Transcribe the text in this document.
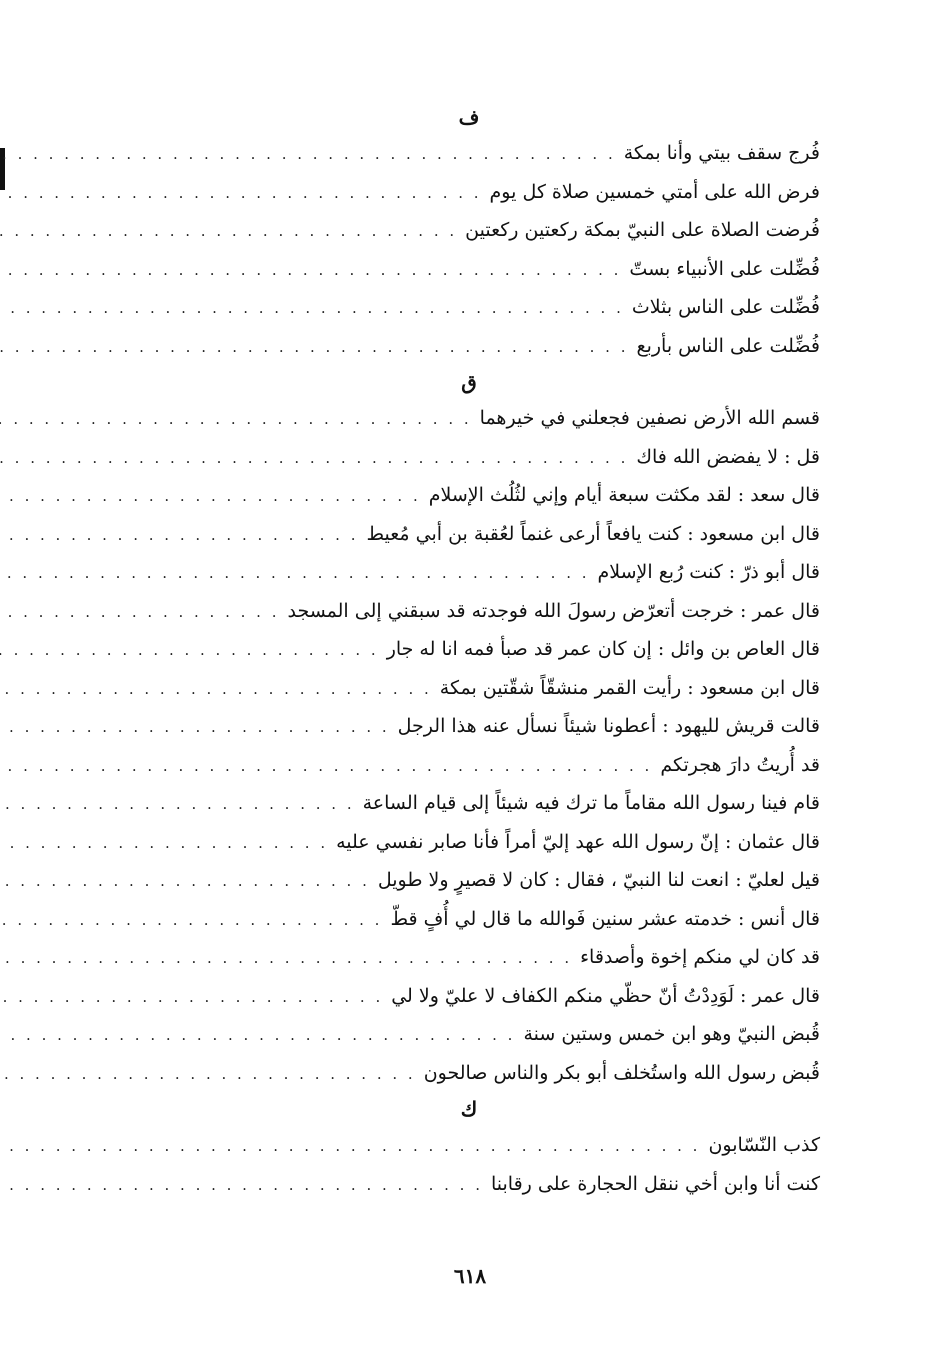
ف
فُرج سقف بيتي وأنا بمكة
. . .
فرض الله على أمتي خمسين صلاة كل يوم
. . .
فُرضت الصلاة على النبيّ بمكة ركعتين ركعتين
. . .
فُضِّلت على الأنبياء بستّ
. . .
فُضِّلت على الناس بثلاث
. . .
فُضِّلت على الناس بأربع
. . .
ق
قسم الله الأرض نصفين فجعلني في خيرهما
. . .
قل : لا يفضض الله فاك
. . .
قال سعد : لقد مكثت سبعة أيام وإني لثُلُث الإسلام
. . .
قال ابن مسعود : كنت يافعاً أرعى غنماً لعُقبة بن أبي مُعيط
. . .
قال أبو ذرّ : كنت رُبع الإسلام
. . .
قال عمر : خرجت أتعرّض رسولَ الله فوجدته قد سبقني إلى المسجد
. . .
قال العاص بن وائل : إن كان عمر قد صبأ فمه انا له جار
. . .
قال ابن مسعود : رأيت القمر منشقّاً شقّتين بمكة
. . .
قالت قريش لليهود : أعطونا شيئاً نسأل عنه هذا الرجل
. . .
قد أُريتُ دارَ هجرتكم
. . .
قام فينا رسول الله مقاماً ما ترك فيه شيئاً إلى قيام الساعة
. . .
قال عثمان : إنّ رسول الله عهد إليّ أمراً فأنا صابر نفسي عليه
. . .
قيل لعليّ : انعت لنا النبيّ ، فقال : كان لا قصيرٍ ولا طويل
. . .
قال أنس : خدمته عشر سنين فَوالله ما قال لي أُفٍ قطّ
. . .
قد كان لي منكم إخوة وأصدقاء
. . .
قال عمر : لَوَدِدْتُ أنّ حظّي منكم الكفاف لا عليّ ولا لي
. . .
قُبض النبيّ وهو ابن خمس وستين سنة
. . .
قُبض رسول الله واستُخلف أبو بكر والناس صالحون
. . .
ك
كذب النّسّابون
. . .
كنت أنا وابن أخي ننقل الحجارة على رقابنا
. . .
٦١٨
